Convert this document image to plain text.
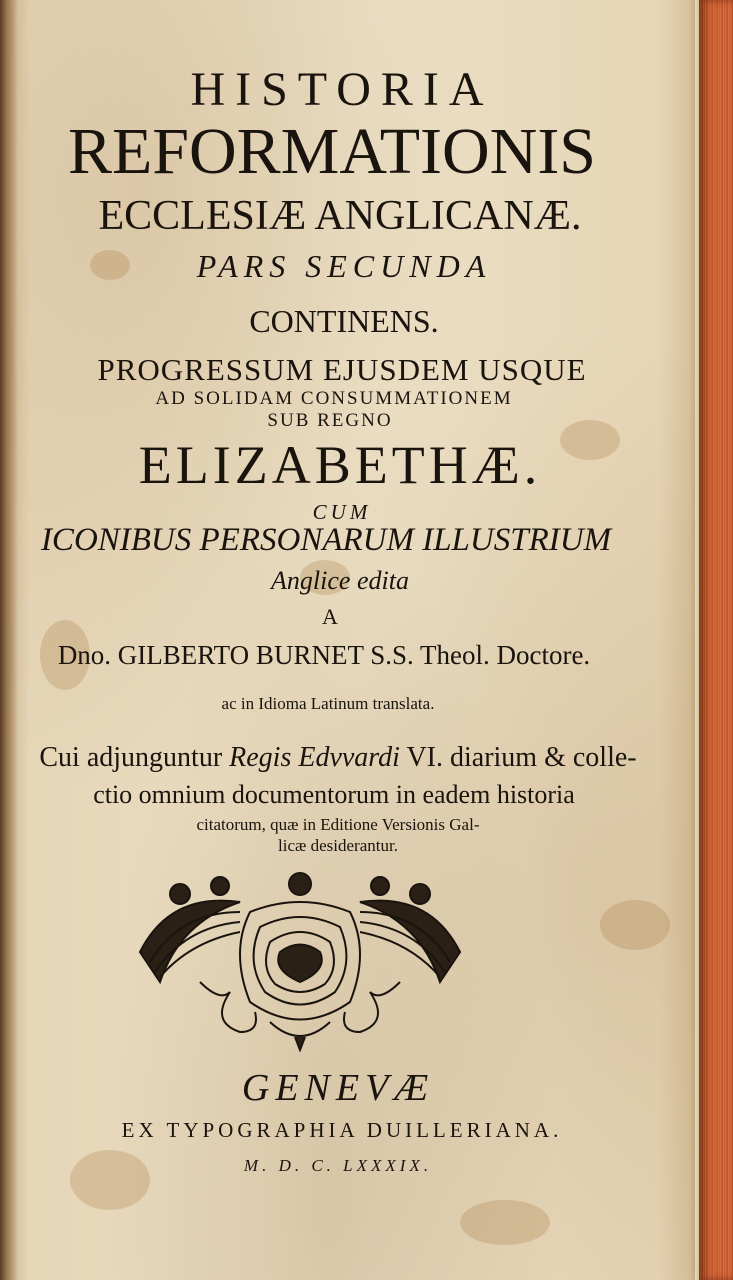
HISTORIA
REFORMATIONIS
ECCLESIÆ ANGLICANÆ.
PARS SECUNDA
CONTINENS.
PROGRESSUM EJUSDEM USQUE
AD SOLIDAM CONSUMMATIONEM
SUB REGNO
ELIZABETHÆ.
CUM
ICONIBUS PERSONARUM ILLUSTRIUM
Anglice edita
A
Dno. GILBERTO BURNET S.S. Theol. Doctore.
ac in Idioma Latinum translata.
Cui adjunguntur Regis Edvvardi VI. diarium & colle-
ctio omnium documentorum in eadem historia
citatorum, quæ in Editione Versionis Gal-
licæ desiderantur.
GENEVÆ
EX TYPOGRAPHIA DUILLERIANA.
M. D. C. LXXXIX.
